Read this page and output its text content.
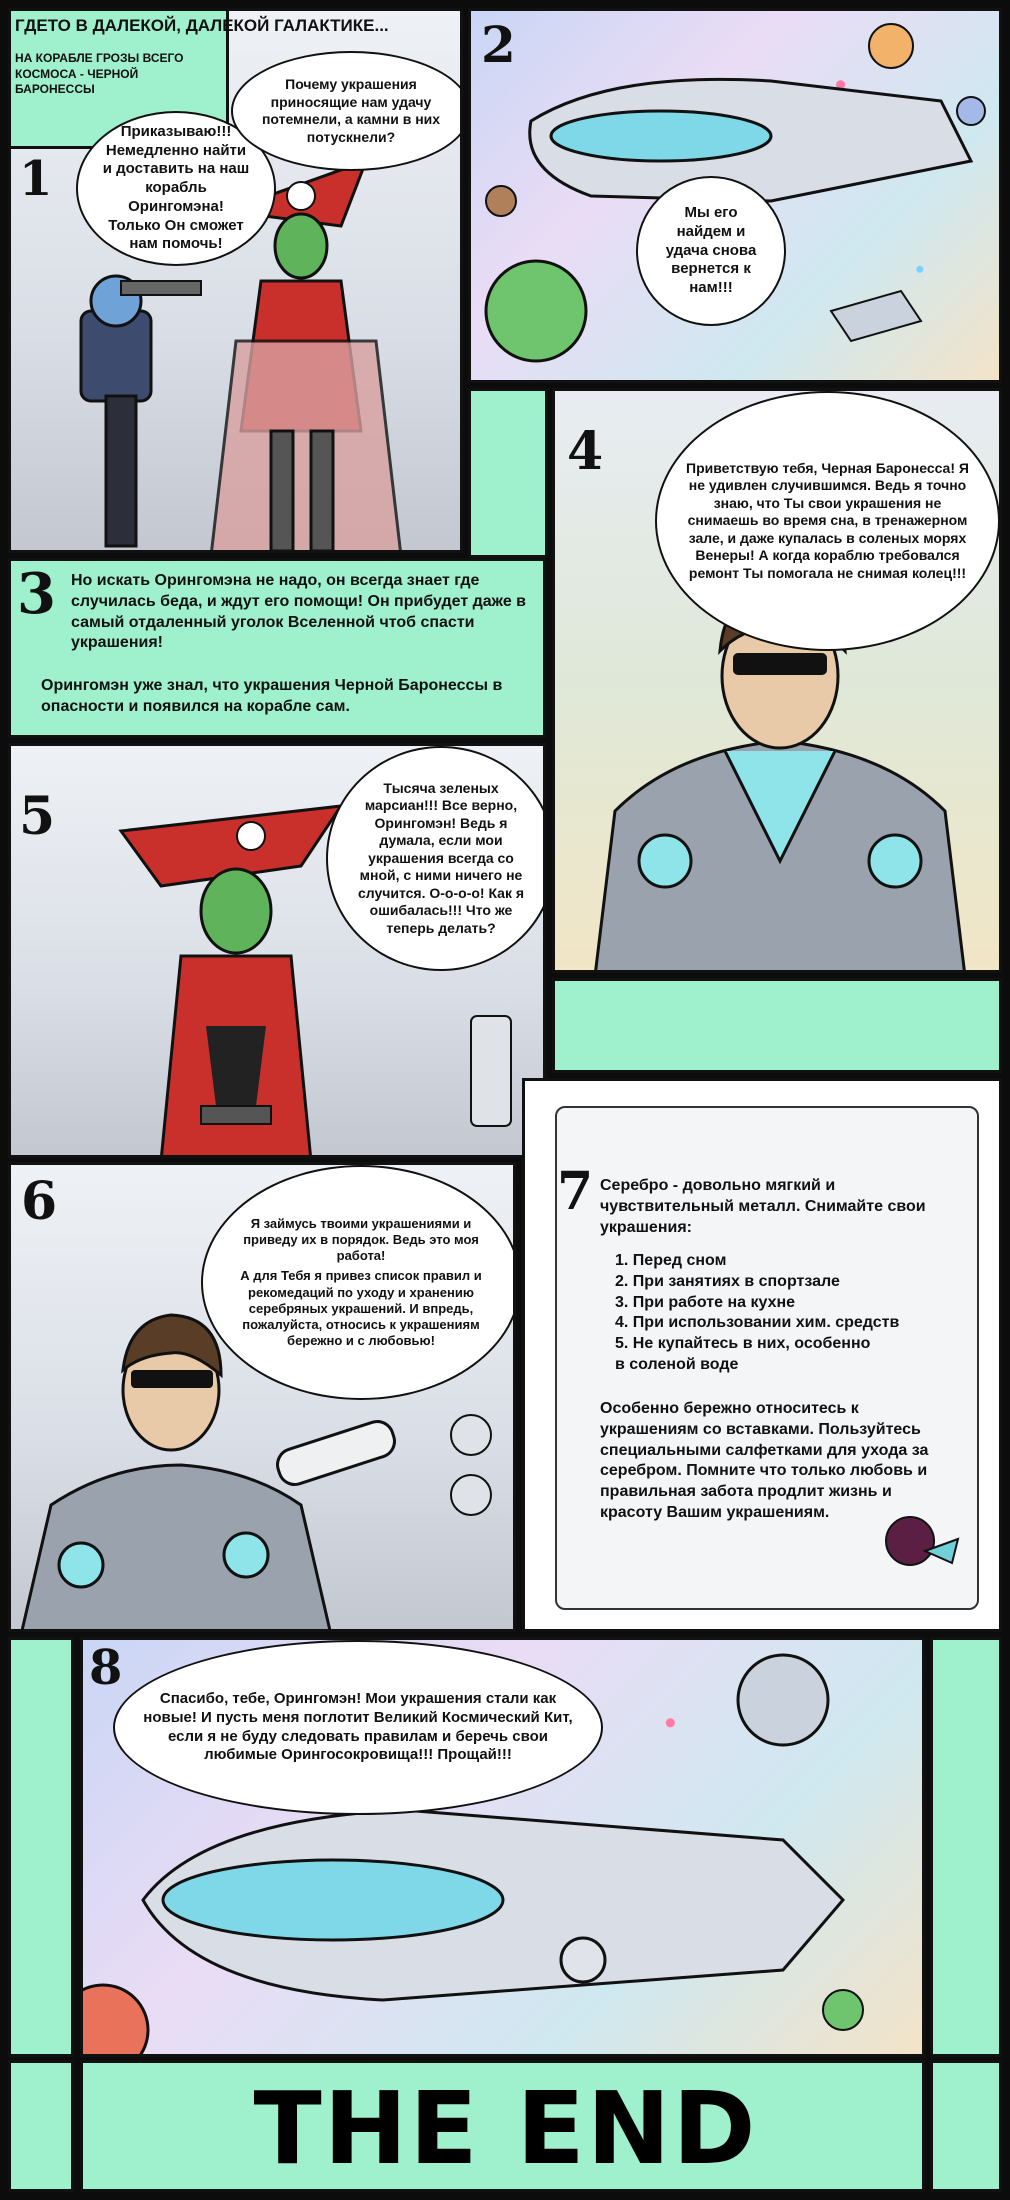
ГДЕТО В ДАЛЕКОЙ, ДАЛЕКОЙ ГАЛАКТИКЕ...
НА КОРАБЛЕ ГРОЗЫ ВСЕГО КОСМОСА - ЧЕРНОЙ БАРОНЕССЫ
1
Приказываю!!! Немедленно найти и доставить на наш корабль Орингомэна! Только Он сможет нам помочь!
Почему украшения приносящие нам удачу потемнели, а камни в них потускнели?
2
Мы его найдем и удача снова вернется к нам!!!
3 Но искать Орингомэна не надо, он всегда знает где случилась беда, и ждут его помощи! Он прибудет даже в самый отдаленный уголок Вселенной чтоб спасти украшения!
Орингомэн уже знал, что украшения Черной Баронессы в опасности и появился на корабле сам.
4	Приветствую тебя, Черная Баронесса! Я не удивлен случившимся. Ведь я точно знаю, что Ты свои украшения не снимаешь во время сна, в тренажерном зале, и даже купалась в соленых морях Венеры! А когда кораблю требовался ремонт Ты помогала не снимая колец!!!
5	Тысяча зеленых марсиан!!! Все верно, Орингомэн! Ведь я думала, если мои украшения всегда со мной, с ними ничего не случится. О-о-о-о! Как я ошибалась!!! Что же теперь делать?
6	Я займусь твоими украшениями и приведу их в порядок. Ведь это моя работа!
А для Тебя я привез список правил и рекомедаций по уходу и хранению серебряных украшений. И впредь, пожалуйста, относись к украшениям бережно и с любовью!
7 Серебро - довольно мягкий и чувствительный металл. Снимайте свои украшения:
1. Перед сном
2. При занятиях в спортзале
3. При работе на кухне
4. При использовании хим. средств
5. Не купайтесь в них, особенно в соленой воде
Особенно бережно относитесь к украшениям со вставками. Пользуйтесь специальными салфетками для ухода за серебром. Помните что только любовь и правильная забота продлит жизнь и красоту Вашим украшениям.
8
Спасибо, тебе, Орингомэн! Мои украшения стали как новые! И пусть меня поглотит Великий Космический Кит, если я не буду следовать правилам и беречь свои любимые Орингосокровища!!! Прощай!!!
THE END
